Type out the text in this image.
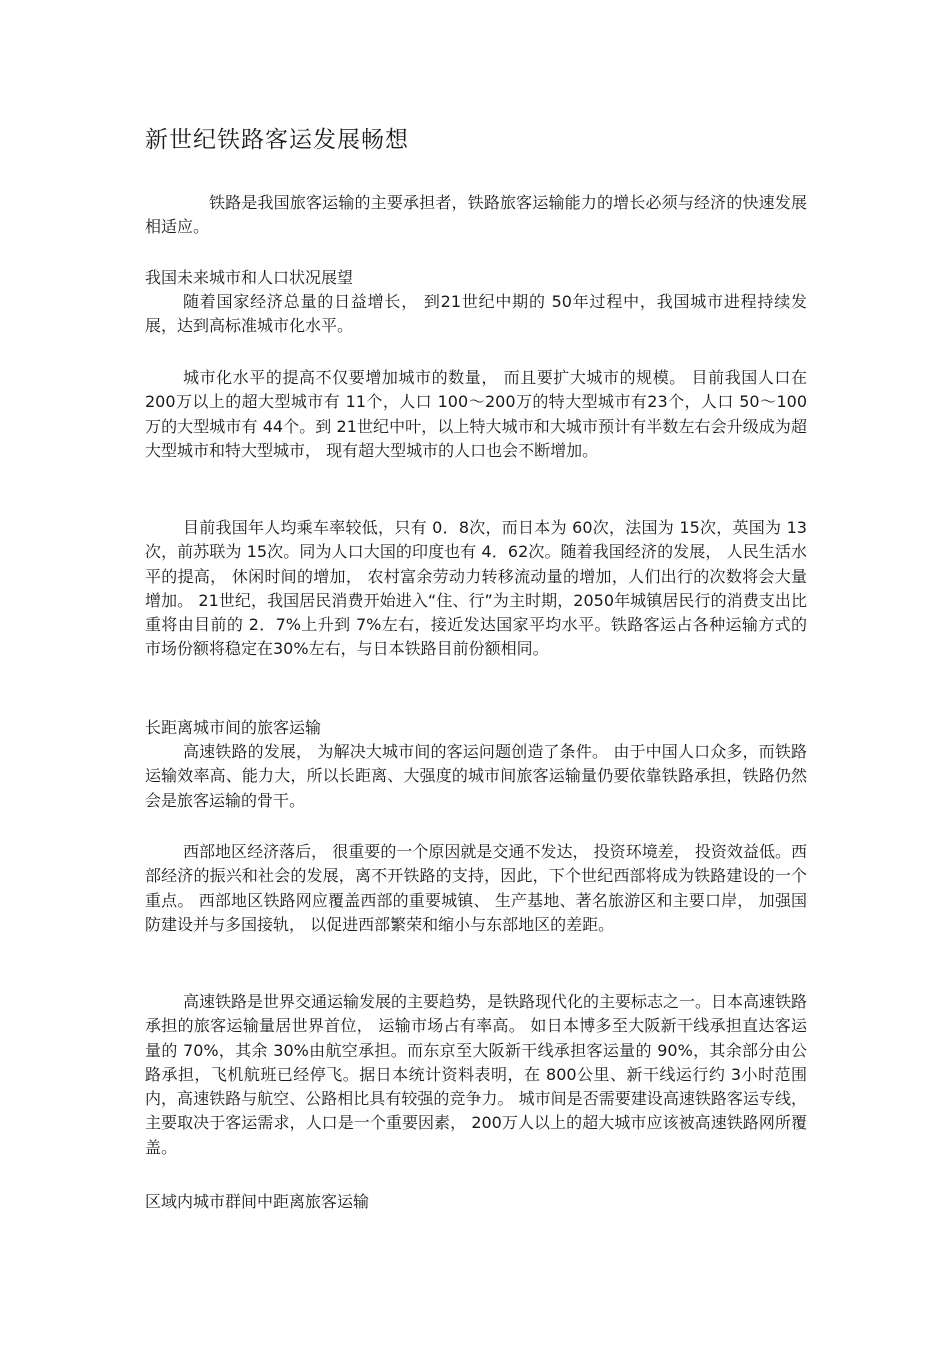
新世纪铁路客运发展畅想

铁路是我国旅客运输的主要承担者，铁路旅客运输能力的增长必须与经济的快速发展相适应。

我国未来城市和人口状况展望

随着国家经济总量的日益增长， 到21世纪中期的 50年过程中，我国城市进程持续发展，达到高标准城市化水平。

城市化水平的提高不仅要增加城市的数量， 而且要扩大城市的规模。 目前我国人口在 200万以上的超大型城市有 11个，人口 100～200万的特大型城市有23个，人口 50～100万的大型城市有 44个。到 21世纪中叶，以上特大城市和大城市预计有半数左右会升级成为超大型城市和特大型城市， 现有超大型城市的人口也会不断增加。

目前我国年人均乘车率较低，只有 0．8次，而日本为 60次，法国为 15次，英国为 13次，前苏联为 15次。同为人口大国的印度也有 4．62次。随着我国经济的发展， 人民生活水平的提高， 休闲时间的增加， 农村富余劳动力转移流动量的增加，人们出行的次数将会大量增加。 21世纪，我国居民消费开始进入“住、行”为主时期，2050年城镇居民行的消费支出比重将由目前的 2．7%上升到 7%左右，接近发达国家平均水平。铁路客运占各种运输方式的市场份额将稳定在30%左右，与日本铁路目前份额相同。

长距离城市间的旅客运输

高速铁路的发展， 为解决大城市间的客运问题创造了条件。 由于中国人口众多，而铁路运输效率高、能力大，所以长距离、大强度的城市间旅客运输量仍要依靠铁路承担，铁路仍然会是旅客运输的骨干。

西部地区经济落后， 很重要的一个原因就是交通不发达， 投资环境差， 投资效益低。西部经济的振兴和社会的发展，离不开铁路的支持，因此，下个世纪西部将成为铁路建设的一个重点。 西部地区铁路网应覆盖西部的重要城镇、 生产基地、著名旅游区和主要口岸， 加强国防建设并与多国接轨， 以促进西部繁荣和缩小与东部地区的差距。

高速铁路是世界交通运输发展的主要趋势，是铁路现代化的主要标志之一。日本高速铁路承担的旅客运输量居世界首位， 运输市场占有率高。 如日本博多至大阪新干线承担直达客运量的 70%，其余 30%由航空承担。而东京至大阪新干线承担客运量的 90%，其余部分由公路承担，飞机航班已经停飞。据日本统计资料表明，在 800公里、新干线运行约 3小时范围内，高速铁路与航空、公路相比具有较强的竞争力。 城市间是否需要建设高速铁路客运专线， 主要取决于客运需求，人口是一个重要因素， 200万人以上的超大城市应该被高速铁路网所覆盖。

区域内城市群间中距离旅客运输
